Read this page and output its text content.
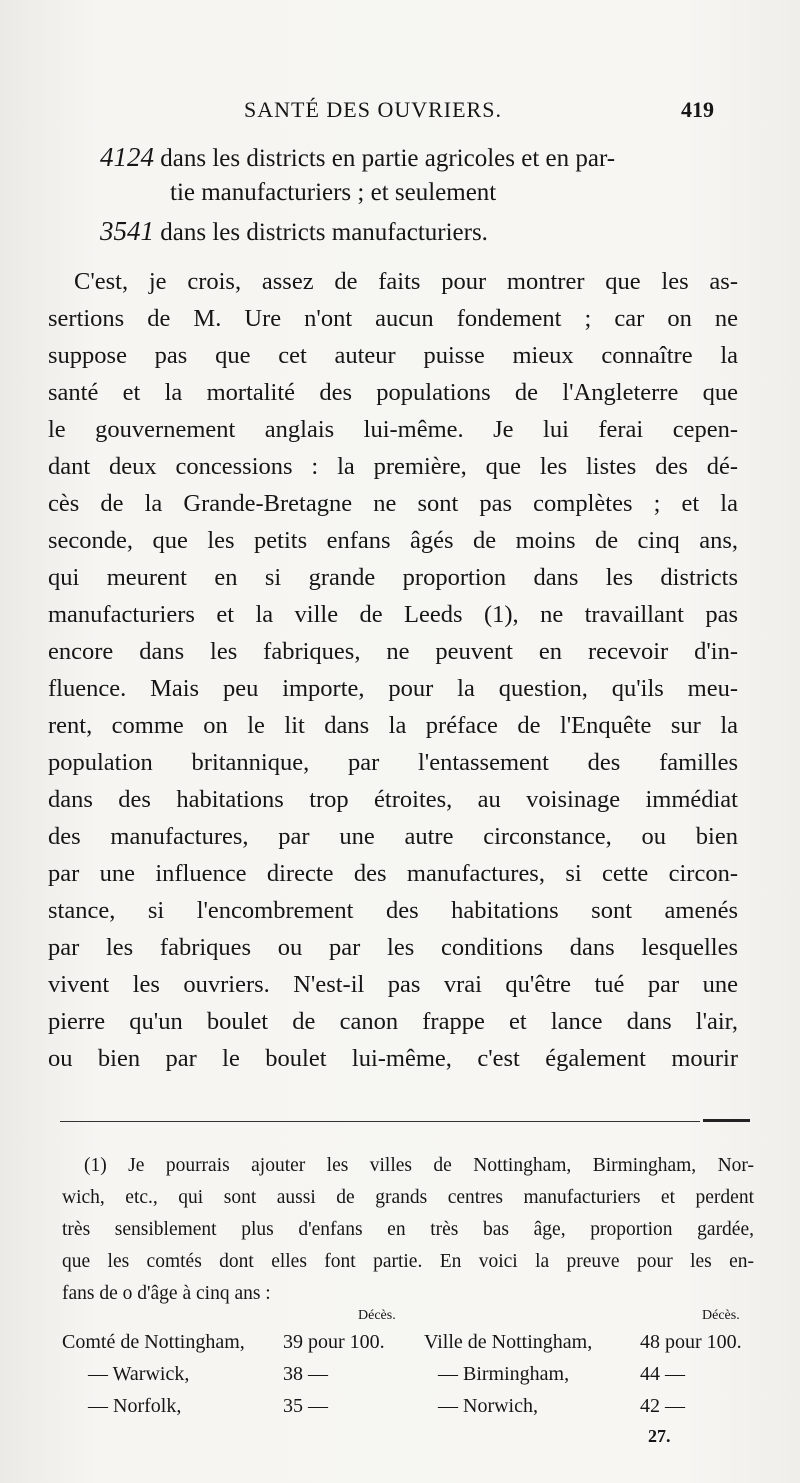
SANTÉ DES OUVRIERS.	419
4124 dans les districts en partie agricoles et en par-
tie manufacturiers ; et seulement
3541 dans les districts manufacturiers.
C'est, je crois, assez de faits pour montrer que les as-
sertions de M. Ure n'ont aucun fondement ; car on ne
suppose pas que cet auteur puisse mieux connaître la
santé et la mortalité des populations de l'Angleterre que
le gouvernement anglais lui-même. Je lui ferai cepen-
dant deux concessions : la première, que les listes des dé-
cès de la Grande-Bretagne ne sont pas complètes ; et la
seconde, que les petits enfans âgés de moins de cinq ans,
qui meurent en si grande proportion dans les districts
manufacturiers et la ville de Leeds (1), ne travaillant pas
encore dans les fabriques, ne peuvent en recevoir d'in-
fluence. Mais peu importe, pour la question, qu'ils meu-
rent, comme on le lit dans la préface de l'Enquête sur la
population britannique, par l'entassement des familles
dans des habitations trop étroites, au voisinage immédiat
des manufactures, par une autre circonstance, ou bien
par une influence directe des manufactures, si cette circon-
stance, si l'encombrement des habitations sont amenés
par les fabriques ou par les conditions dans lesquelles
vivent les ouvriers. N'est-il pas vrai qu'être tué par une
pierre qu'un boulet de canon frappe et lance dans l'air,
ou bien par le boulet lui-même, c'est également mourir
(1) Je pourrais ajouter les villes de Nottingham, Birmingham, Nor-
wich, etc., qui sont aussi de grands centres manufacturiers et perdent
très sensiblement plus d'enfans en très bas âge, proportion gardée,
que les comtés dont elles font partie. En voici la preuve pour les en-
fans de o d'âge à cinq ans :
Décès.	Décès.
Comté de Nottingham, 39 pour 100. Ville de Nottingham, 48 pour 100.
— Warwick,	38 —	— Birmingham,	44 —
— Norfolk,	35 —	— Norwich,	42 —
27.
